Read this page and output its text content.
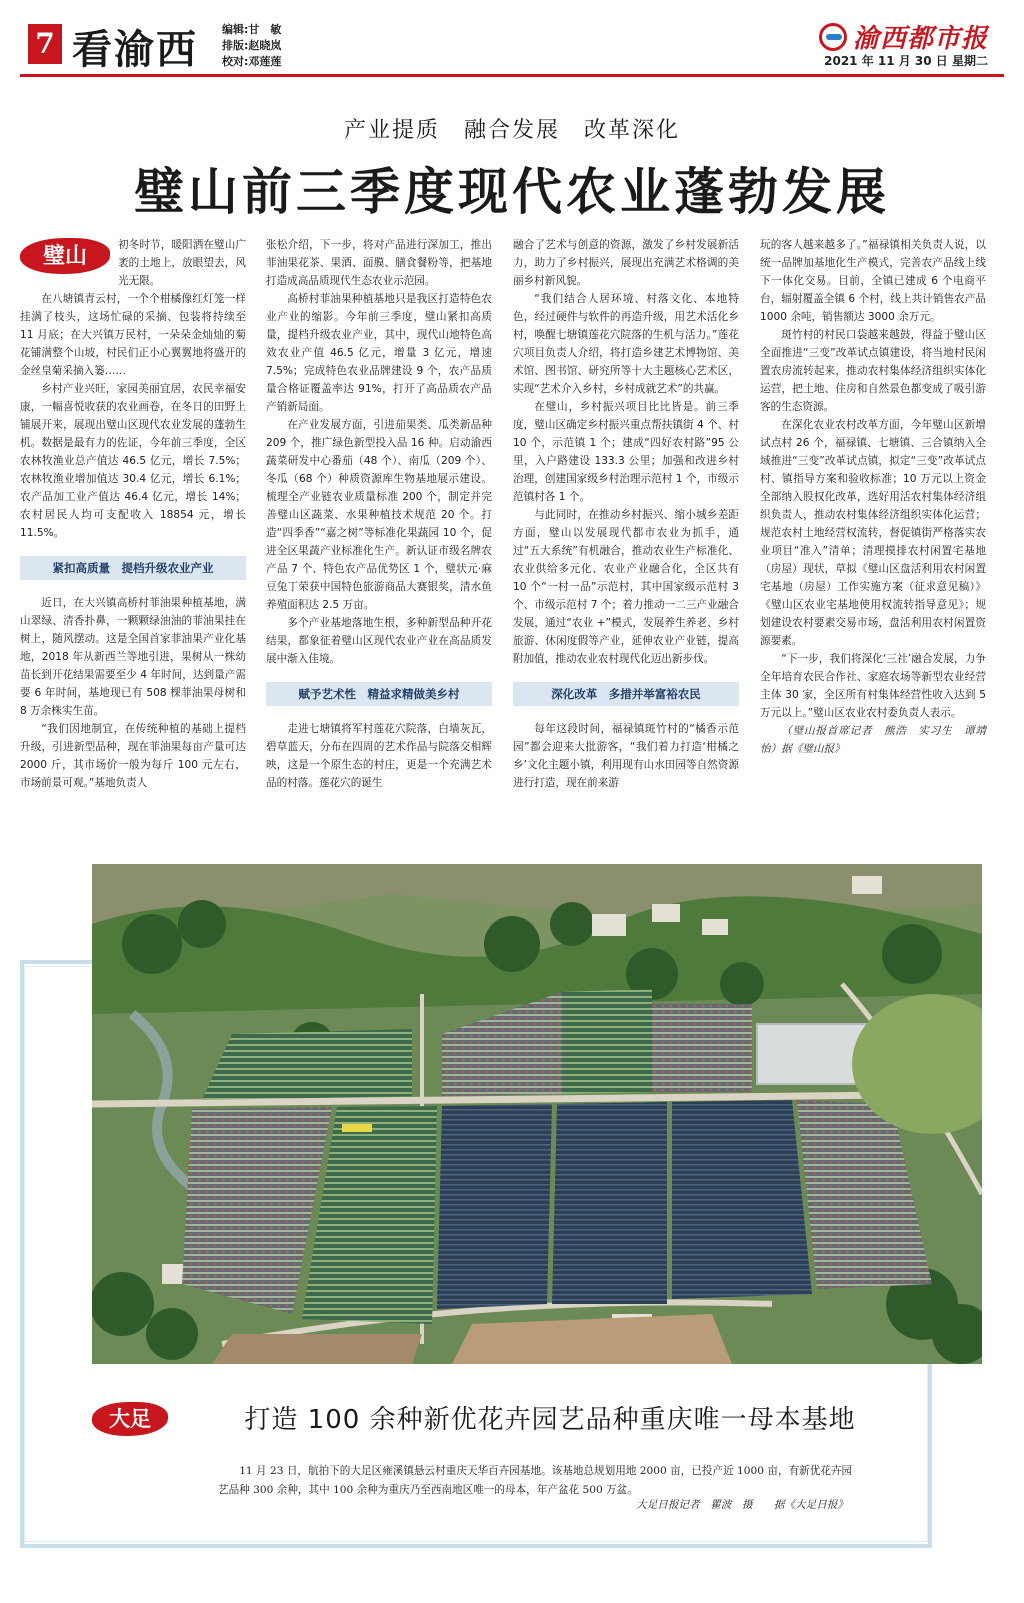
7 看渝西 编辑:甘　敏
排版:赵晓岚
校对:邓莲莲
渝西都市报
2021 年 11 月 30 日 星期二
产业提质　融合发展　改革深化
璧山前三季度现代农业蓬勃发展
璧山	初冬时节，暖阳洒在璧山广袤的土地上，放眼望去，风光无限。

在八塘镇青云村，一个个柑橘像红灯笼一样挂满了枝头，这场忙碌的采摘、包装将持续至 11 月底；在大兴镇万民村，一朵朵金灿灿的菊花铺满整个山坡，村民们正小心翼翼地将盛开的金丝皇菊采摘入篓……

乡村产业兴旺，家园美丽宜居，农民幸福安康，一幅喜悦收获的农业画卷，在冬日的田野上铺展开来，展现出璧山区现代农业发展的蓬勃生机。数据是最有力的佐证，今年前三季度，全区农林牧渔业总产值达 46.5 亿元，增长 7.5%；农林牧渔业增加值达 30.4 亿元，增长 6.1%；农产品加工业产值达 46.4 亿元，增长 14%；农村居民人均可支配收入 18854 元，增长 11.5%。

紧扣高质量　提档升级农业产业

近日，在大兴镇高桥村菲油果种植基地，满山翠绿、清香扑鼻，一颗颗绿油油的菲油果挂在树上，随风摆动。这是全国首家菲油果产业化基地，2018 年从新西兰等地引进，果树从一株幼苗长到开花结果需要至少 4 年时间，达到量产需要 6 年时间，基地现已有 508 棵菲油果母树和 8 万余株实生苗。

“我们因地制宜，在传统种植的基础上提档升级，引进新型品种，现在菲油果每亩产量可达 2000 斤，其市场价一般为每斤 100 元左右，市场前景可观。”基地负责人

张松介绍，下一步，将对产品进行深加工，推出菲油果花茶、果酒、面膜、膳食餐粉等，把基地打造成高品质现代生态农业示范园。

高桥村菲油果种植基地只是我区打造特色农业产业的缩影。今年前三季度，璧山紧扣高质量，提档升级农业产业，其中，现代山地特色高效农业产值 46.5 亿元，增量 3 亿元，增速 7.5%；完成特色农业品牌建设 9 个，农产品质量合格证覆盖率达 91%，打开了高品质农产品产销新局面。

在产业发展方面，引进茄果类、瓜类新品种 209 个，推广绿色新型投入品 16 种。启动渝西蔬菜研发中心番茄（48 个）、南瓜（209 个）、冬瓜（68 个）种质资源库生物基地展示建设。梳理全产业链农业质量标准 200 个，制定并完善璧山区蔬菜、水果种植技术规范 20 个。打造“四季香”“嘉之树”等标准化果蔬园 10 个，促进全区果蔬产业标准化生产。新认证市级名牌农产品 7 个、特色农产品优势区 1 个，璧状元·麻豆兔丁荣获中国特色旅游商品大赛银奖，清水鱼养殖面积达 2.5 万亩。

多个产业基地落地生根，多种新型品种开花结果，都象征着璧山区现代农业产业在高品质发展中渐入佳境。

赋予艺术性　精益求精做美乡村

走进七塘镇将军村莲花穴院落，白墙灰瓦，碧草蓝天，分布在四周的艺术作品与院落交相辉映，这是一个原生态的村庄，更是一个充满艺术品的村落。莲花穴的诞生

融合了艺术与创意的资源，激发了乡村发展新活力，助力了乡村振兴，展现出充满艺术格调的美丽乡村新风貌。

“我们结合人居环境、村落文化、本地特色，经过硬件与软件的再造升级，用艺术活化乡村，唤醒七塘镇莲花穴院落的生机与活力。”莲花穴项目负责人介绍，将打造乡建艺术博物馆、美术馆、图书馆、研究所等十大主题核心艺术区，实现“艺术介入乡村，乡村成就艺术”的共赢。

在璧山，乡村振兴项目比比皆是。前三季度，璧山区确定乡村振兴重点帮扶镇街 4 个、村 10 个，示范镇 1 个；建成“四好农村路”95 公里，入户路建设 133.3 公里；加强和改进乡村治理，创建国家级乡村治理示范村 1 个，市级示范镇村各 1 个。

与此同时，在推动乡村振兴、缩小城乡差距方面，璧山以发展现代都市农业为抓手，通过“五大系统”有机融合，推动农业生产标准化、农业供给多元化、农业产业融合化，全区共有 10 个“一村一品”示范村，其中国家级示范村 3 个、市级示范村 7 个；着力推动一二三产业融合发展，通过“农业 +”模式，发展养生养老、乡村旅游、休闲度假等产业，延伸农业产业链，提高附加值，推动农业农村现代化迈出新步伐。

深化改革　多措并举富裕农民

每年这段时间，福禄镇斑竹村的“橘香示范园”都会迎来大批游客，“我们着力打造‘柑橘之乡’文化主题小镇，利用现有山水田园等自然资源进行打造，现在前来游

玩的客人越来越多了。”福禄镇相关负责人说，以统一品牌加基地化生产模式，完善农产品线上线下一体化交易。目前，全镇已建成 6 个电商平台，辐射覆盖全镇 6 个村，线上共计销售农产品 1000 余吨，销售额达 3000 余万元。

斑竹村的村民口袋越来越鼓，得益于璧山区全面推进“三变”改革试点镇建设，将当地村民闲置农房流转起来，推动农村集体经济组织实体化运营，把土地、住房和自然景色都变成了吸引游客的生态资源。

在深化农业农村改革方面，今年璧山区新增试点村 26 个，福禄镇、七塘镇、三合镇纳入全域推进“三变”改革试点镇，拟定“三变”改革试点村、镇指导方案和验收标准；10 万元以上资金全部纳入股权化改革，选好用活农村集体经济组织负责人，推动农村集体经济组织实体化运营；规范农村土地经营权流转，督促镇街严格落实农业项目“准入”清单；清理摸排农村闲置宅基地（房屋）现状，草拟《璧山区盘活利用农村闲置宅基地（房屋）工作实施方案（征求意见稿）》《璧山区农业宅基地使用权流转指导意见》；规划建设农村要素交易市场，盘活利用农村闲置资源要素。

“下一步，我们将深化‘三社’融合发展，力争全年培育农民合作社、家庭农场等新型农业经营主体 30 家，全区所有村集体经营性收入达到 5 万元以上。”璧山区农业农村委负责人表示。

（璧山报首席记者　熊浩　实习生　谭靖怡）据《璧山报》

大足	打造 100 余种新优花卉园艺品种重庆唯一母本基地

11 月 23 日，航拍下的大足区雍溪镇悬云村重庆天华百卉园基地。该基地总规划用地 2000 亩，已投产近 1000 亩，有新优花卉园艺品种 300 余种，其中 100 余种为重庆乃至西南地区唯一的母本，年产盆花 500 万盆。

大足日报记者　瞿波　摄　　据《大足日报》
